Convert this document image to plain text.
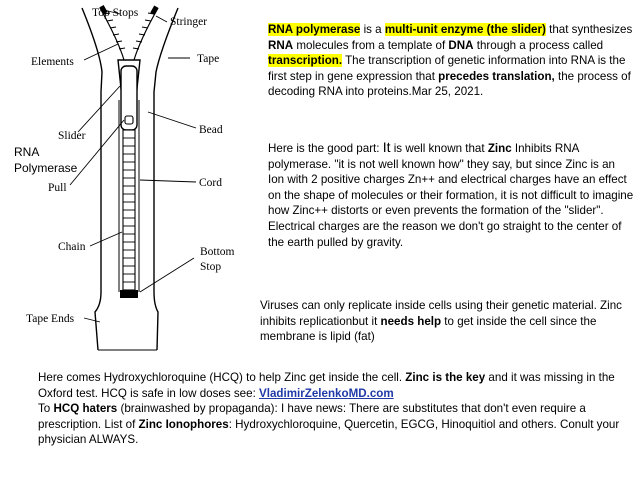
Top Stops
Stringer
Elements	Tape
Bead
Slider
RNA
Polymerase
Pull	Cord
Chain	Bottom
Stop
Tape Ends

RNA polymerase is a multi-unit enzyme (the slider) that synthesizes RNA molecules from a template of DNA through a process called transcription. The transcription of genetic information into RNA is the first step in gene expression that precedes translation, the process of decoding RNA into proteins.Mar 25, 2021.

Here is the good part: It is well known that Zinc Inhibits RNA polymerase. "it is not well known how" they say, but since Zinc is an Ion with 2 positive charges Zn++ and electrical charges have an effect on the shape of molecules or their formation, it is not difficult to imagine how Zinc++ distorts or even prevents the formation of the "slider". Electrical charges are the reason we don't go straight to the center of the earth pulled by gravity.

Viruses can only replicate inside cells using their genetic material. Zinc inhibits replicationbut it needs help to get inside the cell since the membrane is lipid (fat)

Here comes Hydroxychloroquine (HCQ) to help Zinc get inside the cell. Zinc is the key and it was missing in the Oxford test. HCQ is safe in low doses see: VladimirZelenkoMD.com

To HCQ haters (brainwashed by propaganda): I have news: There are substitutes that don't even require a prescription. List of Zinc Ionophores: Hydroxychloroquine, Quercetin, EGCG, Hinoquitiol and others. Conult your physician ALWAYS.
